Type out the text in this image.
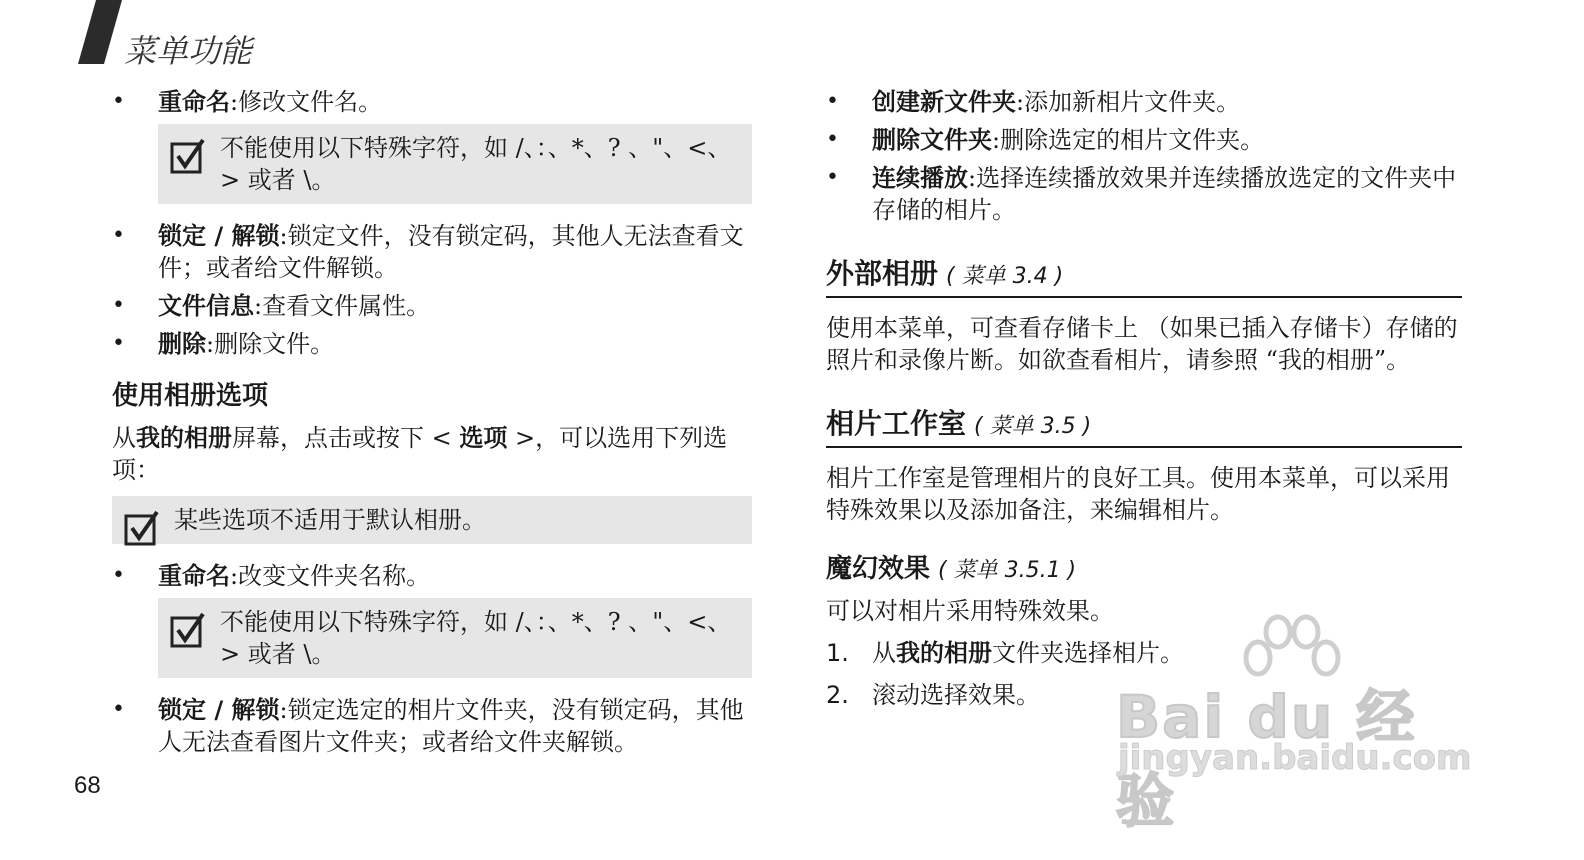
菜单功能
• 重命名:修改文件名。
不能使用以下特殊字符，如 /、：、*、? 、"、<、 > 或者 \。
• 锁定 / 解锁:锁定文件，没有锁定码，其他人无法查看文件；或者给文件解锁。
• 文件信息:查看文件属性。
• 删除:删除文件。
使用相册选项
从我的相册屏幕，点击或按下 < 选项 >，可以选用下列选项：
某些选项不适用于默认相册。
• 重命名:改变文件夹名称。
不能使用以下特殊字符，如 /、：、*、? 、"、<、 > 或者 \。
• 锁定 / 解锁:锁定选定的相片文件夹，没有锁定码，其他人无法查看图片文件夹；或者给文件夹解锁。
68
• 创建新文件夹:添加新相片文件夹。
• 删除文件夹:删除选定的相片文件夹。
• 连续播放:选择连续播放效果并连续播放选定的文件夹中存储的相片。
外部相册 ( 菜单 3.4 )
使用本菜单，可查看存储卡上 （如果已插入存储卡）存储的照片和录像片断。如欲查看相片，请参照 “我的相册”。
相片工作室 ( 菜单 3.5 )
相片工作室是管理相片的良好工具。使用本菜单，可以采用特殊效果以及添加备注，来编辑相片。
魔幻效果 ( 菜单 3.5.1 )
可以对相片采用特殊效果。
1. 从我的相册文件夹选择相片。
2. 滚动选择效果。	Bai du 经验
jingyan.baidu.com
